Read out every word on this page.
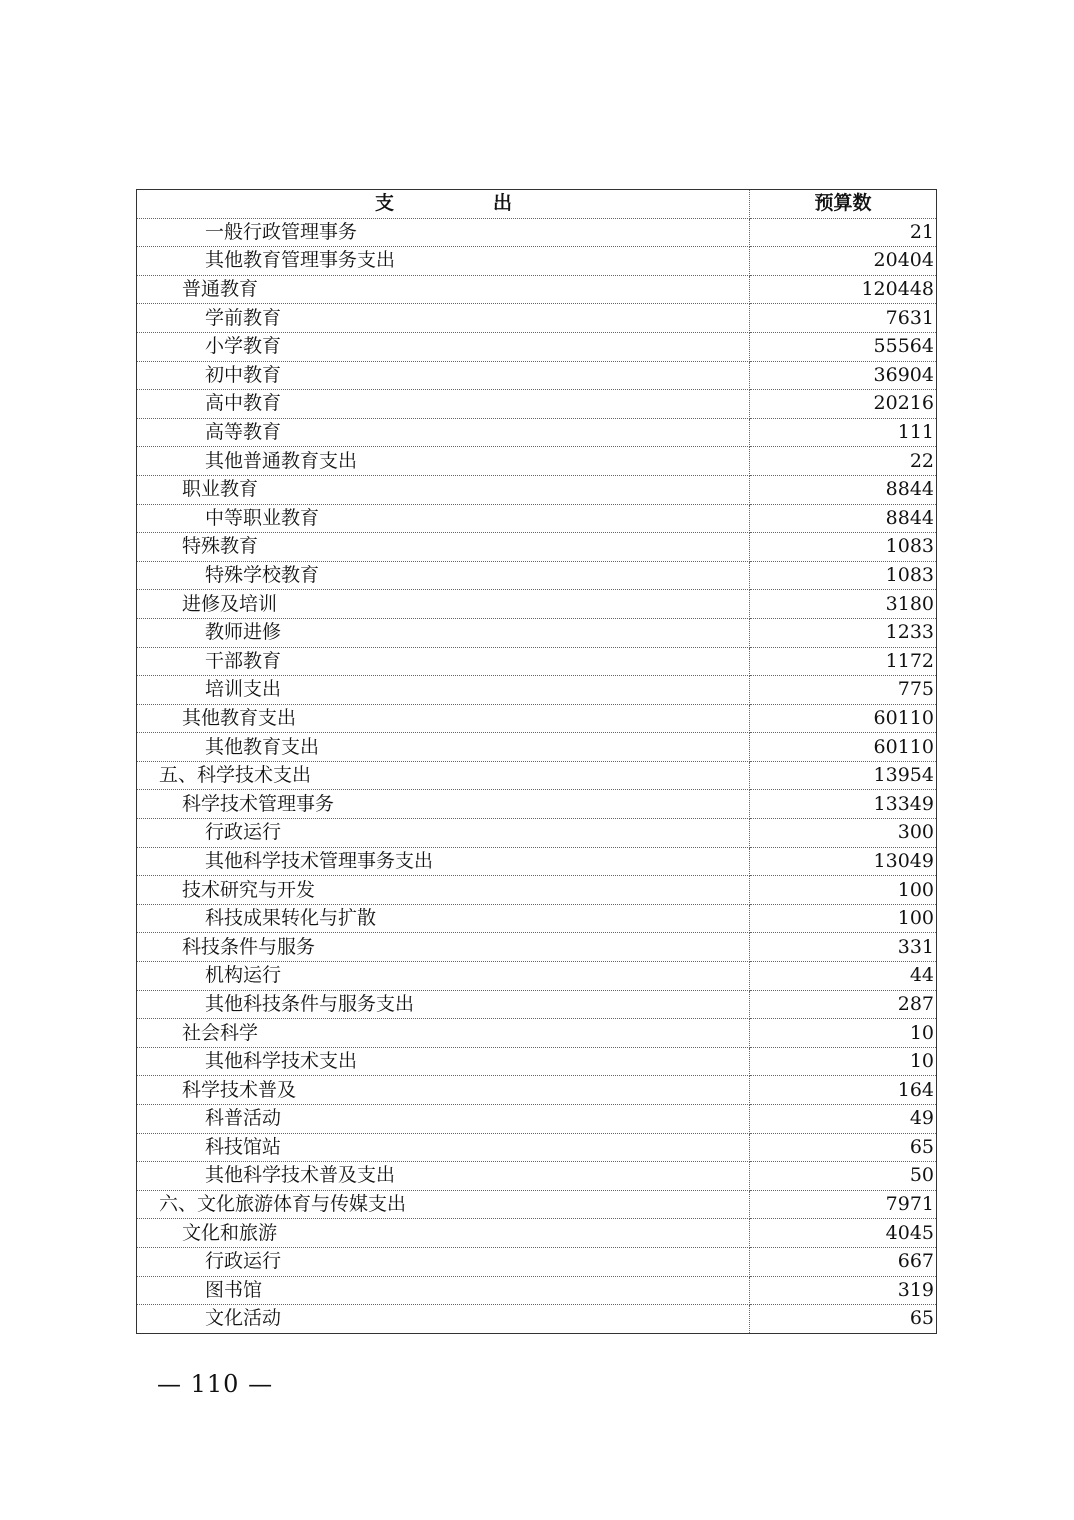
支 出	预算数
一般行政管理事务	21
其他教育管理事务支出	20404
普通教育	120448
学前教育	7631
小学教育	55564
初中教育	36904
高中教育	20216
高等教育	111
其他普通教育支出	22
职业教育	8844
中等职业教育	8844
特殊教育	1083
特殊学校教育	1083
进修及培训	3180
教师进修	1233
干部教育	1172
培训支出	775
其他教育支出	60110
其他教育支出	60110
五、科学技术支出	13954
科学技术管理事务	13349
行政运行	300
其他科学技术管理事务支出	13049
技术研究与开发	100
科技成果转化与扩散	100
科技条件与服务	331
机构运行	44
其他科技条件与服务支出	287
社会科学	10
其他科学技术支出	10
科学技术普及	164
科普活动	49
科技馆站	65
其他科学技术普及支出	50
六、文化旅游体育与传媒支出	7971
文化和旅游	4045
行政运行	667
图书馆	319
文化活动	65
— 110 —
